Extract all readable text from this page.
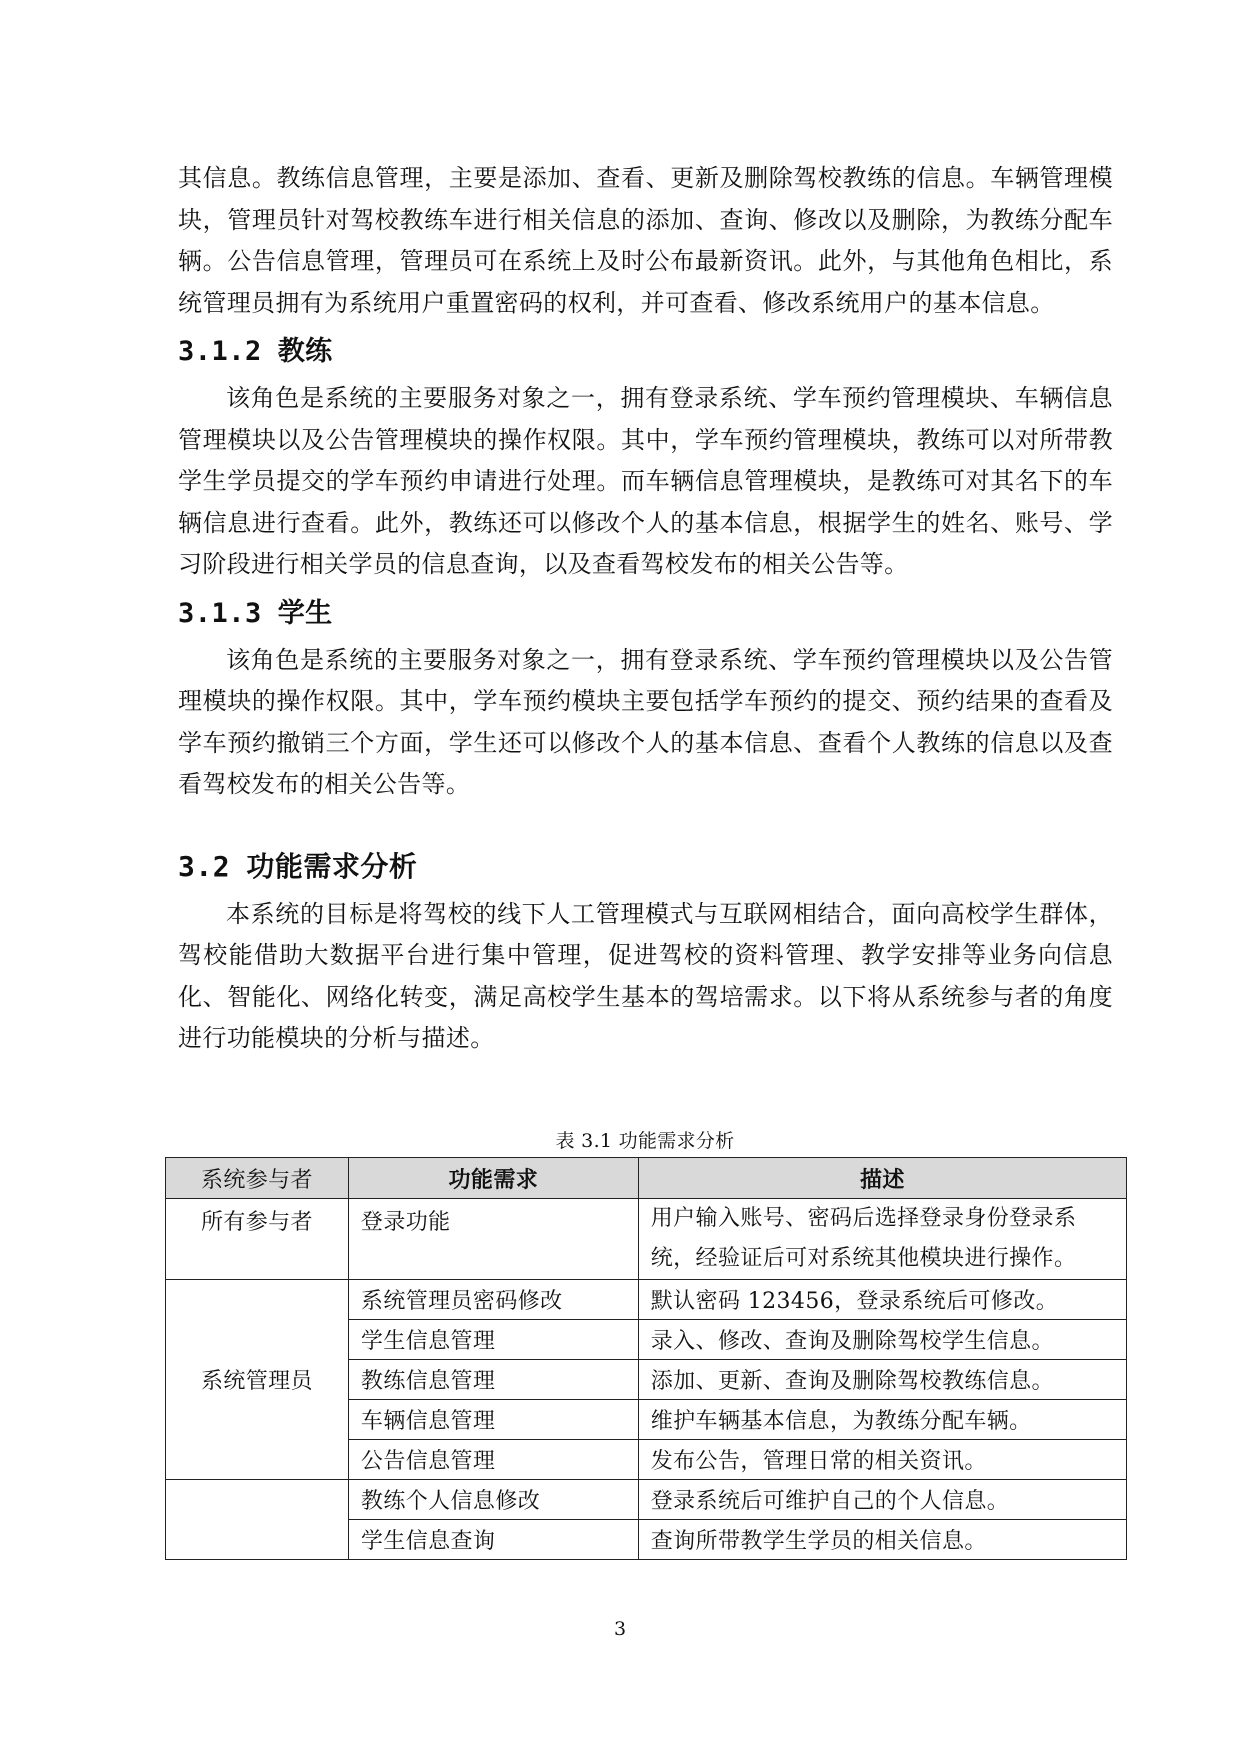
其信息。教练信息管理，主要是添加、查看、更新及删除驾校教练的信息。车辆管理模块，管理员针对驾校教练车进行相关信息的添加、查询、修改以及删除，为教练分配车辆。公告信息管理，管理员可在系统上及时公布最新资讯。此外，与其他角色相比，系统管理员拥有为系统用户重置密码的权利，并可查看、修改系统用户的基本信息。

3.1.2 教练

该角色是系统的主要服务对象之一，拥有登录系统、学车预约管理模块、车辆信息管理模块以及公告管理模块的操作权限。其中，学车预约管理模块，教练可以对所带教学生学员提交的学车预约申请进行处理。而车辆信息管理模块，是教练可对其名下的车辆信息进行查看。此外，教练还可以修改个人的基本信息，根据学生的姓名、账号、学习阶段进行相关学员的信息查询，以及查看驾校发布的相关公告等。

3.1.3 学生

该角色是系统的主要服务对象之一，拥有登录系统、学车预约管理模块以及公告管理模块的操作权限。其中，学车预约模块主要包括学车预约的提交、预约结果的查看及学车预约撤销三个方面，学生还可以修改个人的基本信息、查看个人教练的信息以及查看驾校发布的相关公告等。

3.2 功能需求分析

本系统的目标是将驾校的线下人工管理模式与互联网相结合，面向高校学生群体，驾校能借助大数据平台进行集中管理，促进驾校的资料管理、教学安排等业务向信息化、智能化、网络化转变，满足高校学生基本的驾培需求。以下将从系统参与者的角度进行功能模块的分析与描述。

表 3.1 功能需求分析
系统参与者	功能需求	描述
所有参与者	登录功能	用户输入账号、密码后选择登录身份登录系统，经验证后可对系统其他模块进行操作。
系统管理员	系统管理员密码修改	默认密码 123456，登录系统后可修改。
	学生信息管理	录入、修改、查询及删除驾校学生信息。
	教练信息管理	添加、更新、查询及删除驾校教练信息。
	车辆信息管理	维护车辆基本信息，为教练分配车辆。
	公告信息管理	发布公告，管理日常的相关资讯。
	教练个人信息修改	登录系统后可维护自己的个人信息。
	学生信息查询	查询所带教学生学员的相关信息。
3
